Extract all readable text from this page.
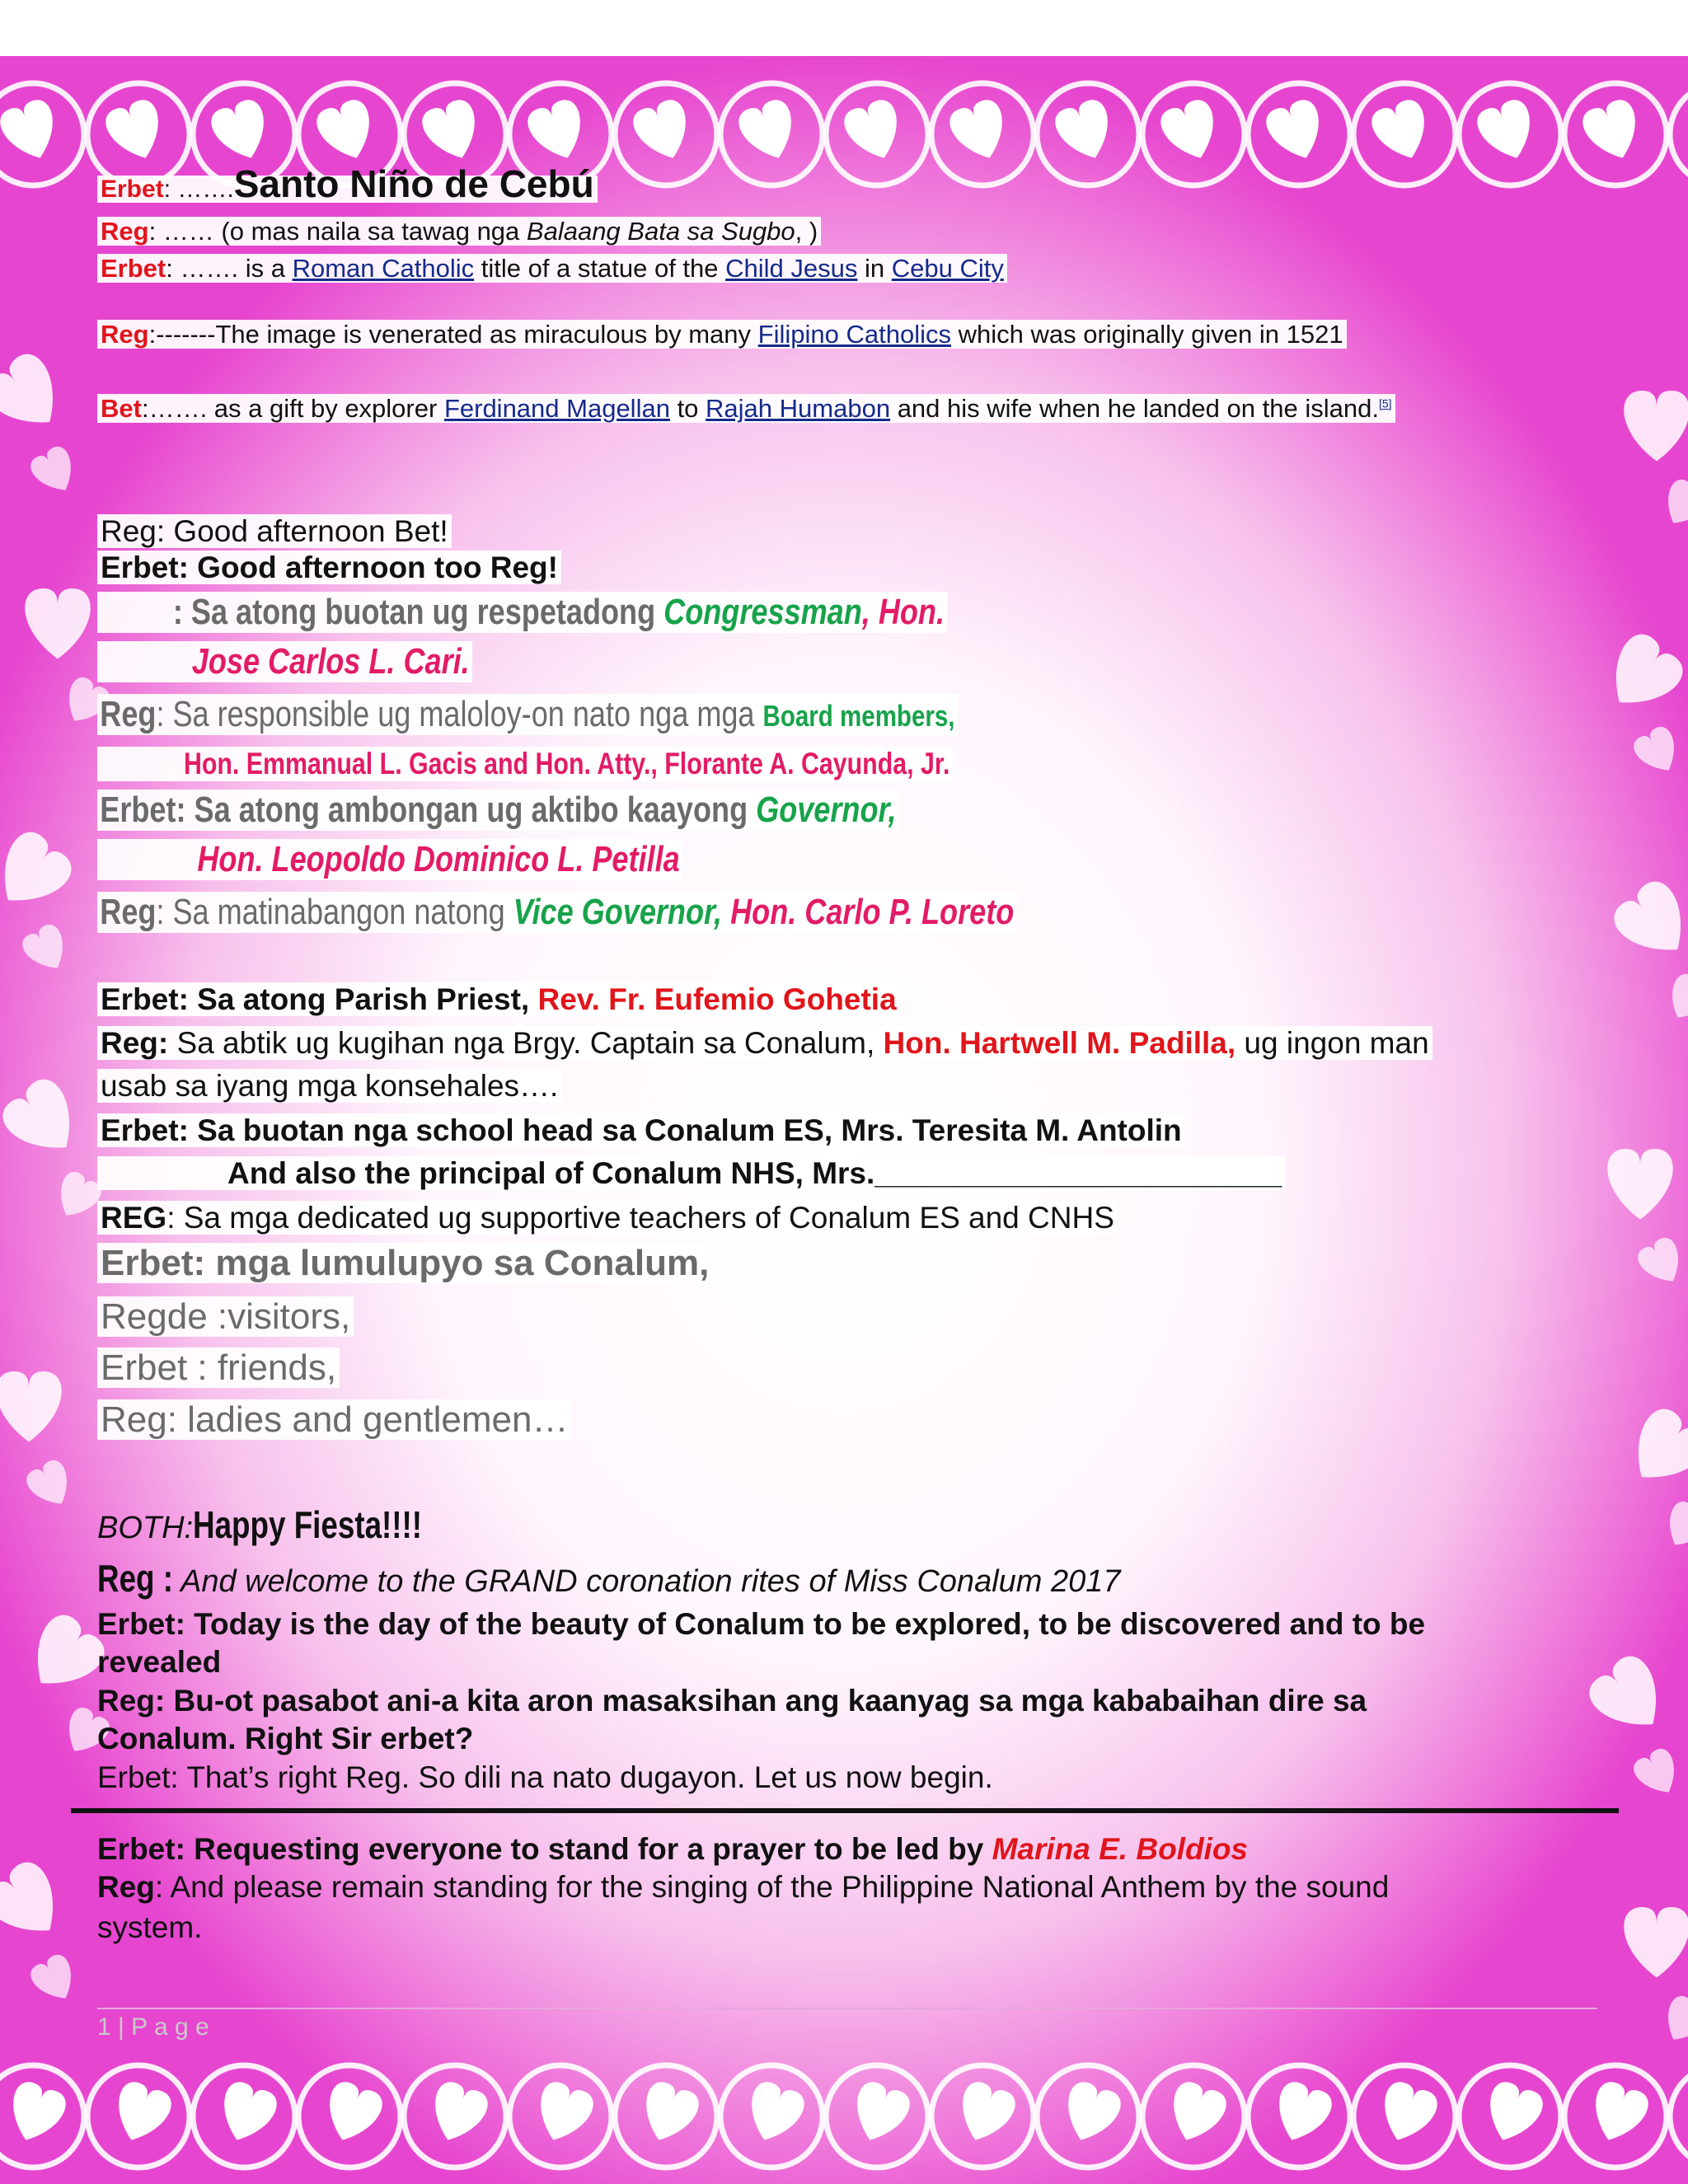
Erbet: …….Santo Niño de Cebú
Reg: …… (o mas naila sa tawag nga Balaang Bata sa Sugbo, )
Erbet: ……. is a Roman Catholic title of a statue of the Child Jesus in Cebu City
Reg:-------The image is venerated as miraculous by many Filipino Catholics which was originally given in 1521
Bet:……. as a gift by explorer Ferdinand Magellan to Rajah Humabon and his wife when he landed on the island.[5]
Reg: Good afternoon Bet!
Erbet: Good afternoon too Reg!
: Sa atong buotan ug respetadong Congressman, Hon.
Jose Carlos L. Cari.
Reg: Sa responsible ug maloloy-on nato nga mga Board members,
Hon. Emmanual L. Gacis and Hon. Atty., Florante A. Cayunda, Jr.
Erbet: Sa atong ambongan ug aktibo kaayong Governor,
Hon. Leopoldo Dominico L. Petilla
Reg: Sa matinabangon natong Vice Governor, Hon. Carlo P. Loreto
Erbet: Sa atong Parish Priest, Rev. Fr. Eufemio Gohetia
Reg: Sa abtik ug kugihan nga Brgy. Captain sa Conalum, Hon. Hartwell M. Padilla, ug ingon man
usab sa iyang mga konsehales….
Erbet: Sa buotan nga school head sa Conalum ES, Mrs. Teresita M. Antolin
And also the principal of Conalum NHS, Mrs.________________________
REG: Sa mga dedicated ug supportive teachers of Conalum ES and CNHS
Erbet: mga lumulupyo sa Conalum,
Regde :visitors,
Erbet : friends,
Reg: ladies and gentlemen…
BOTH:Happy Fiesta!!!!
Reg : And welcome to the GRAND coronation rites of Miss Conalum 2017
Erbet: Today is the day of the beauty of Conalum to be explored, to be discovered and to be
revealed
Reg: Bu-ot pasabot ani-a kita aron masaksihan ang kaanyag sa mga kababaihan dire sa
Conalum. Right Sir erbet?
Erbet: That’s right Reg. So dili na nato dugayon. Let us now begin.
Erbet: Requesting everyone to stand for a prayer to be led by Marina E. Boldios
Reg: And please remain standing for the singing of the Philippine National Anthem by the sound
system.
1 | P a g e
